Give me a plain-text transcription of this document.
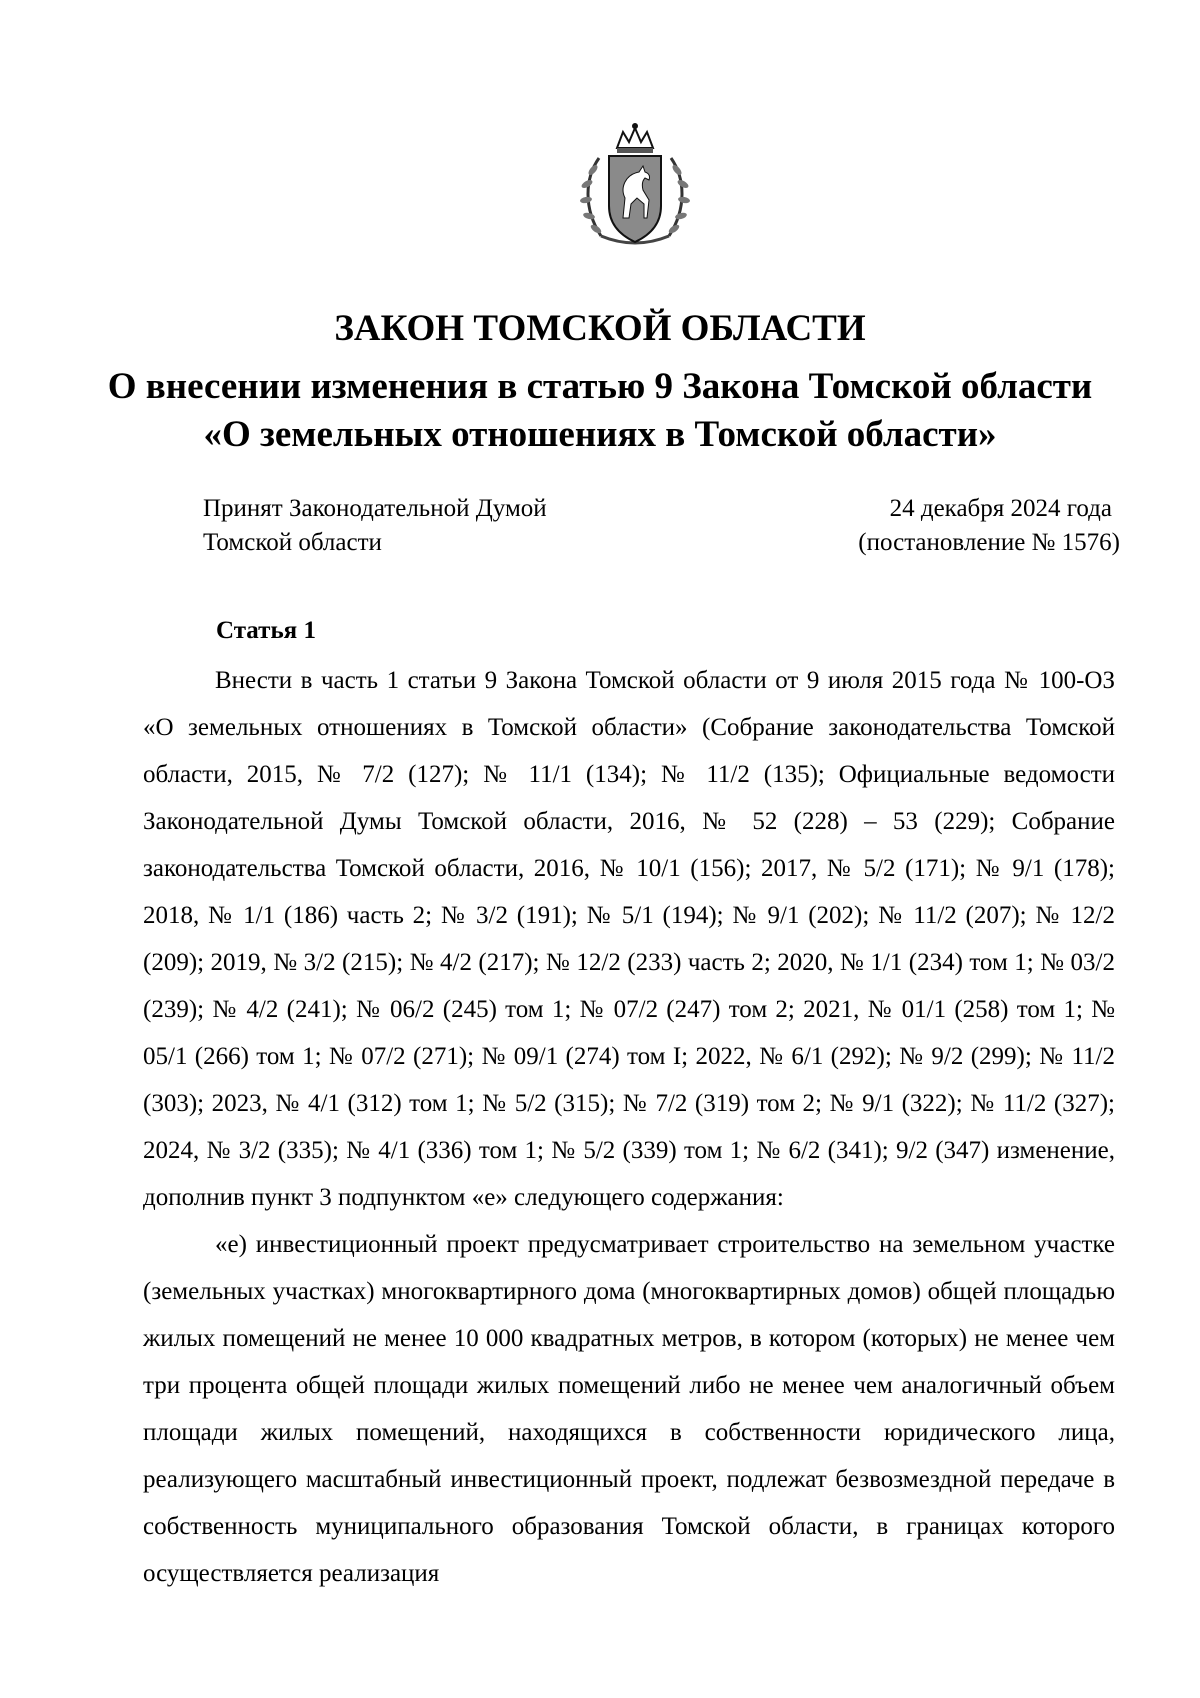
ЗАКОН ТОМСКОЙ ОБЛАСТИ
О внесении изменения в статью 9 Закона Томской области
«О земельных отношениях в Томской области»
Принят Законодательной Думой
Томской области
24 декабря 2024 года
(постановление № 1576)
Статья 1

Внести в часть 1 статьи 9 Закона Томской области от 9 июля 2015 года № 100-ОЗ «О земельных отношениях в Томской области» (Собрание законодательства Томской области, 2015, № 7/2 (127); № 11/1 (134); № 11/2 (135); Официальные ведомости Законодательной Думы Томской области, 2016, № 52 (228) – 53 (229); Собрание законодательства Томской области, 2016, № 10/1 (156); 2017, № 5/2 (171); № 9/1 (178); 2018, № 1/1 (186) часть 2; № 3/2 (191); № 5/1 (194); № 9/1 (202); № 11/2 (207); № 12/2 (209); 2019, № 3/2 (215); № 4/2 (217); № 12/2 (233) часть 2; 2020, № 1/1 (234) том 1; № 03/2 (239); № 4/2 (241); № 06/2 (245) том 1; № 07/2 (247) том 2; 2021, № 01/1 (258) том 1; № 05/1 (266) том 1; № 07/2 (271); № 09/1 (274) том I; 2022, № 6/1 (292); № 9/2 (299); № 11/2 (303); 2023, № 4/1 (312) том 1; № 5/2 (315); № 7/2 (319) том 2; № 9/1 (322); № 11/2 (327); 2024, № 3/2 (335); № 4/1 (336) том 1; № 5/2 (339) том 1; № 6/2 (341); 9/2 (347) изменение, дополнив пункт 3 подпунктом «е» следующего содержания:

«е) инвестиционный проект предусматривает строительство на земельном участке (земельных участках) многоквартирного дома (многоквартирных домов) общей площадью жилых помещений не менее 10 000 квадратных метров, в котором (которых) не менее чем три процента общей площади жилых помещений либо не менее чем аналогичный объем площади жилых помещений, находящихся в собственности юридического лица, реализующего масштабный инвестиционный проект, подлежат безвозмездной передаче в собственность муниципального образования Томской области, в границах которого осуществляется реализация
